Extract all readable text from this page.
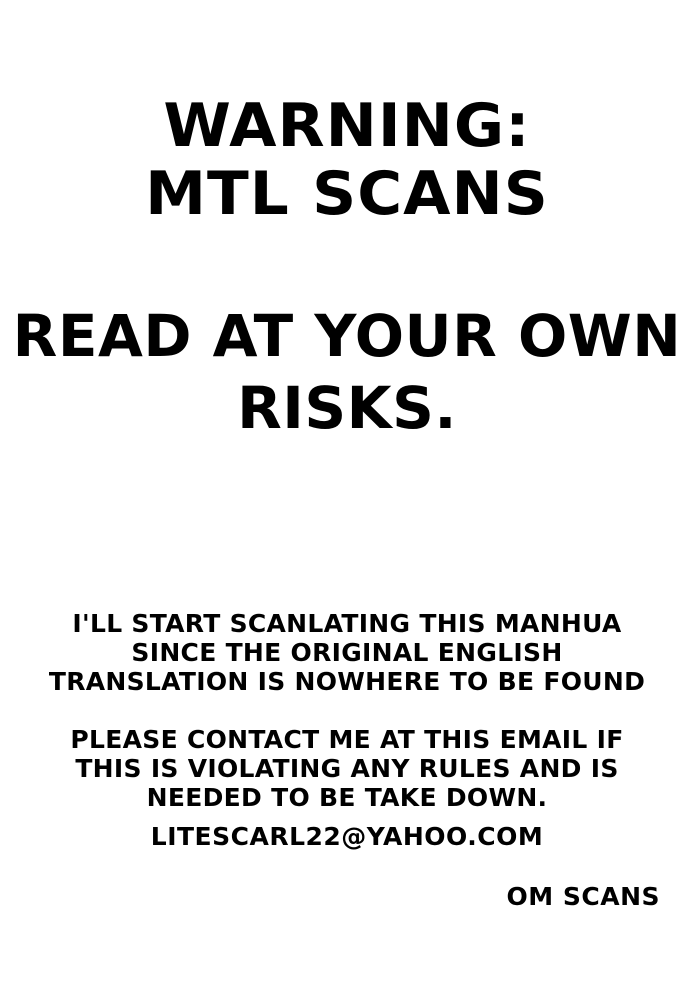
WARNING:
MTL SCANS
READ AT YOUR OWN
RISKS.

I'LL START SCANLATING THIS MANHUA SINCE THE ORIGINAL ENGLISH TRANSLATION IS NOWHERE TO BE FOUND

PLEASE CONTACT ME AT THIS EMAIL IF THIS IS VIOLATING ANY RULES AND IS NEEDED TO BE TAKE DOWN.

LITESCARL22@YAHOO.COM
OM SCANS
